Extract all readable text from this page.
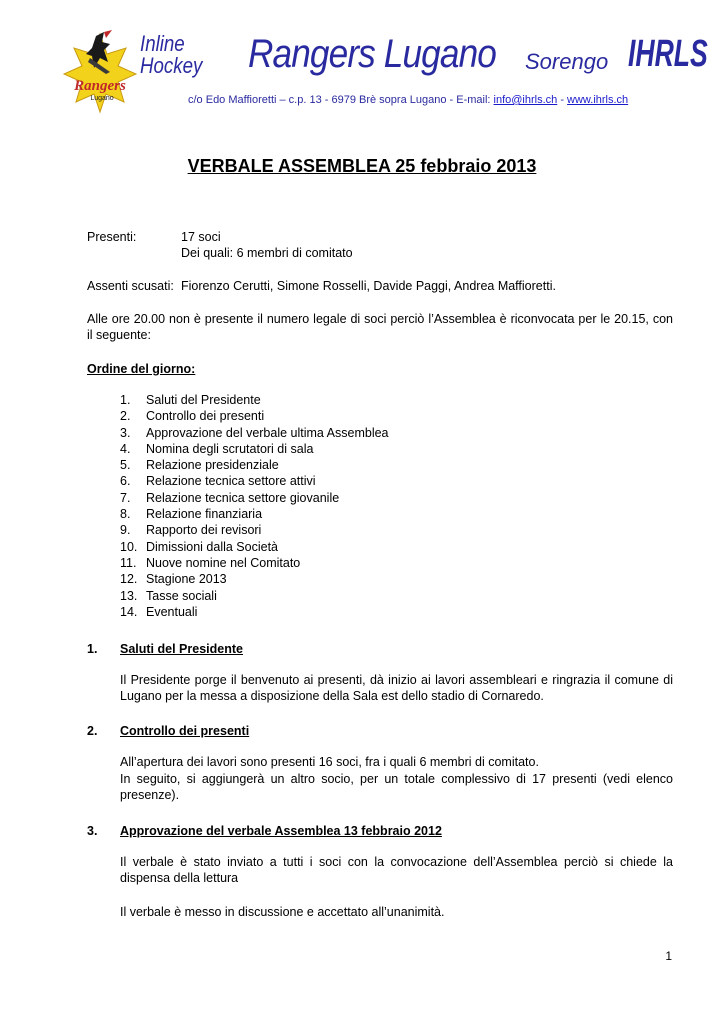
Rangers
Lugano
Inline
Hockey Rangers Lugano Sorengo IHRLS
c/o Edo Maffioretti – c.p. 13 - 6979 Brè sopra Lugano - E-mail: info@ihrls.ch - www.ihrls.ch
VERBALE ASSEMBLEA 25 febbraio 2013
Presenti:	17 soci
Dei quali: 6 membri di comitato
Assenti scusati: Fiorenzo Cerutti, Simone Rosselli, Davide Paggi, Andrea Maffioretti.
Alle ore 20.00 non è presente il numero legale di soci perciò l’Assemblea è riconvocata per le 20.15, con il seguente:
Ordine del giorno:
1. Saluti del Presidente
2. Controllo dei presenti
3. Approvazione del verbale ultima Assemblea
4. Nomina degli scrutatori di sala
5. Relazione presidenziale
6. Relazione tecnica settore attivi
7. Relazione tecnica settore giovanile
8. Relazione finanziaria
9. Rapporto dei revisori
10. Dimissioni dalla Società
11. Nuove nomine nel Comitato
12. Stagione 2013
13. Tasse sociali
14. Eventuali
1. Saluti del Presidente
Il Presidente porge il benvenuto ai presenti, dà inizio ai lavori assembleari e ringrazia il comune di Lugano per la messa a disposizione della Sala est dello stadio di Cornaredo.
2. Controllo dei presenti
All’apertura dei lavori sono presenti 16 soci, fra i quali 6 membri di comitato.
In seguito, si aggiungerà un altro socio, per un totale complessivo di 17 presenti (vedi elenco presenze).
3. Approvazione del verbale Assemblea 13 febbraio 2012
Il verbale è stato inviato a tutti i soci con la convocazione dell’Assemblea perciò si chiede la dispensa della lettura
Il verbale è messo in discussione e accettato all’unanimità.
1
